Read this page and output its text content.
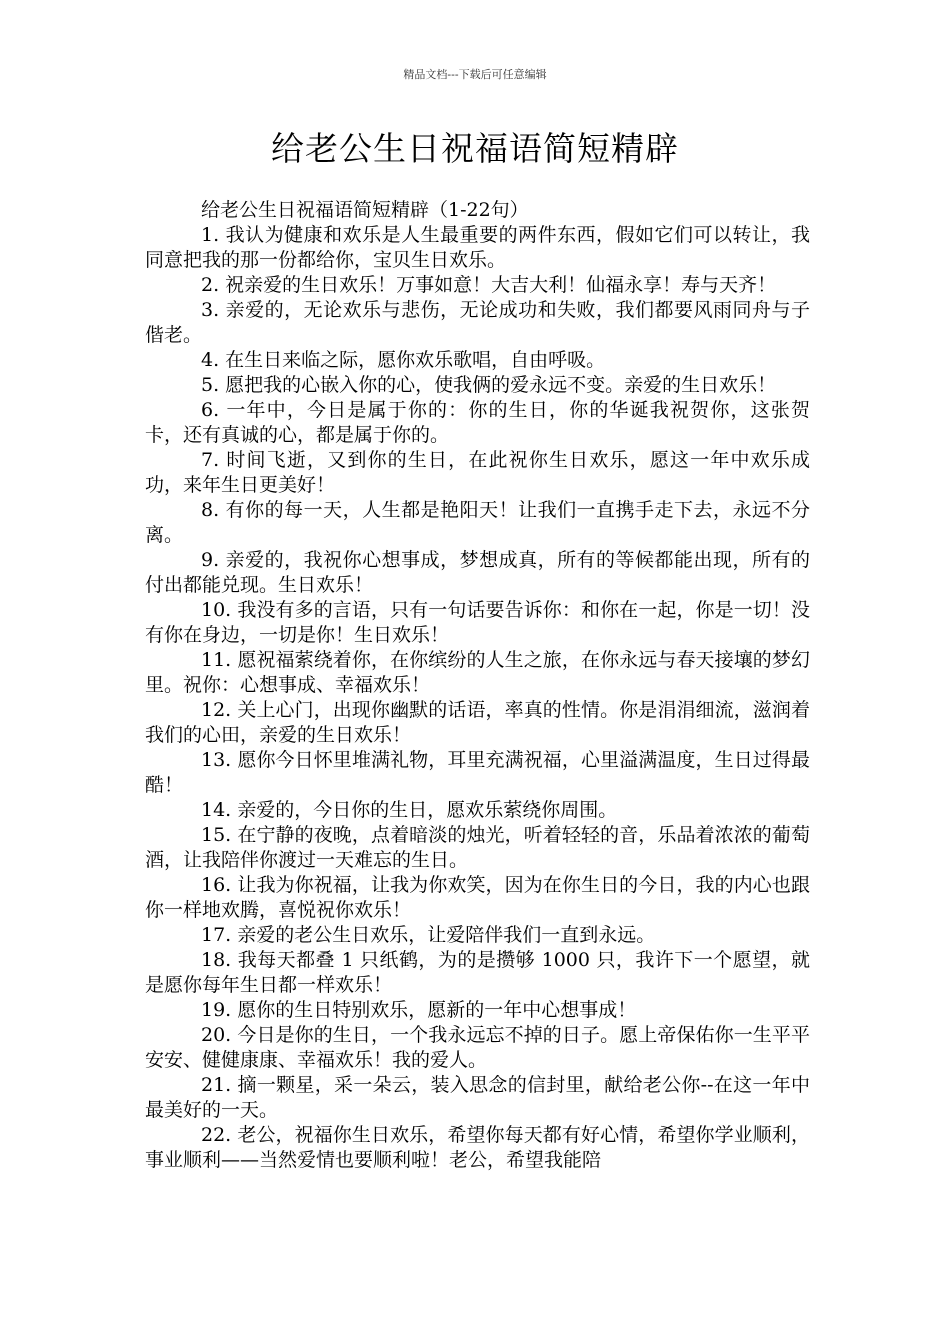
精品文档---下载后可任意编辑
给老公生日祝福语简短精辟
给老公生日祝福语简短精辟（1-22句）
1. 我认为健康和欢乐是人生最重要的两件东西，假如它们可以转让，我同意把我的那一份都给你，宝贝生日欢乐。
2. 祝亲爱的生日欢乐！万事如意！大吉大利！仙福永享！寿与天齐！
3. 亲爱的，无论欢乐与悲伤，无论成功和失败，我们都要风雨同舟与子偕老。
4. 在生日来临之际，愿你欢乐歌唱，自由呼吸。
5. 愿把我的心嵌入你的心，使我俩的爱永远不变。亲爱的生日欢乐！
6. 一年中，今日是属于你的：你的生日，你的华诞我祝贺你，这张贺卡，还有真诚的心，都是属于你的。
7. 时间飞逝，又到你的生日，在此祝你生日欢乐，愿这一年中欢乐成功，来年生日更美好！
8. 有你的每一天，人生都是艳阳天！让我们一直携手走下去，永远不分离。
9. 亲爱的，我祝你心想事成，梦想成真，所有的等候都能出现，所有的付出都能兑现。生日欢乐！
10. 我没有多的言语，只有一句话要告诉你：和你在一起，你是一切！没有你在身边，一切是你！生日欢乐！
11. 愿祝福萦绕着你，在你缤纷的人生之旅，在你永远与春天接壤的梦幻里。祝你：心想事成、幸福欢乐！
12. 关上心门，出现你幽默的话语，率真的性情。你是涓涓细流，滋润着我们的心田，亲爱的生日欢乐！
13. 愿你今日怀里堆满礼物，耳里充满祝福，心里溢满温度，生日过得最酷！
14. 亲爱的，今日你的生日，愿欢乐萦绕你周围。
15. 在宁静的夜晚，点着暗淡的烛光，听着轻轻的音，乐品着浓浓的葡萄酒，让我陪伴你渡过一天难忘的生日。
16. 让我为你祝福，让我为你欢笑，因为在你生日的今日，我的内心也跟你一样地欢腾，喜悦祝你欢乐！
17. 亲爱的老公生日欢乐，让爱陪伴我们一直到永远。
18. 我每天都叠 1 只纸鹤，为的是攒够 1000 只，我许下一个愿望，就是愿你每年生日都一样欢乐！
19. 愿你的生日特别欢乐，愿新的一年中心想事成！
20. 今日是你的生日，一个我永远忘不掉的日子。愿上帝保佑你一生平平安安、健健康康、幸福欢乐！我的爱人。
21. 摘一颗星，采一朵云，装入思念的信封里，献给老公你--在这一年中最美好的一天。
22. 老公，祝福你生日欢乐，希望你每天都有好心情，希望你学业顺利，事业顺利——当然爱情也要顺利啦！老公，希望我能陪
